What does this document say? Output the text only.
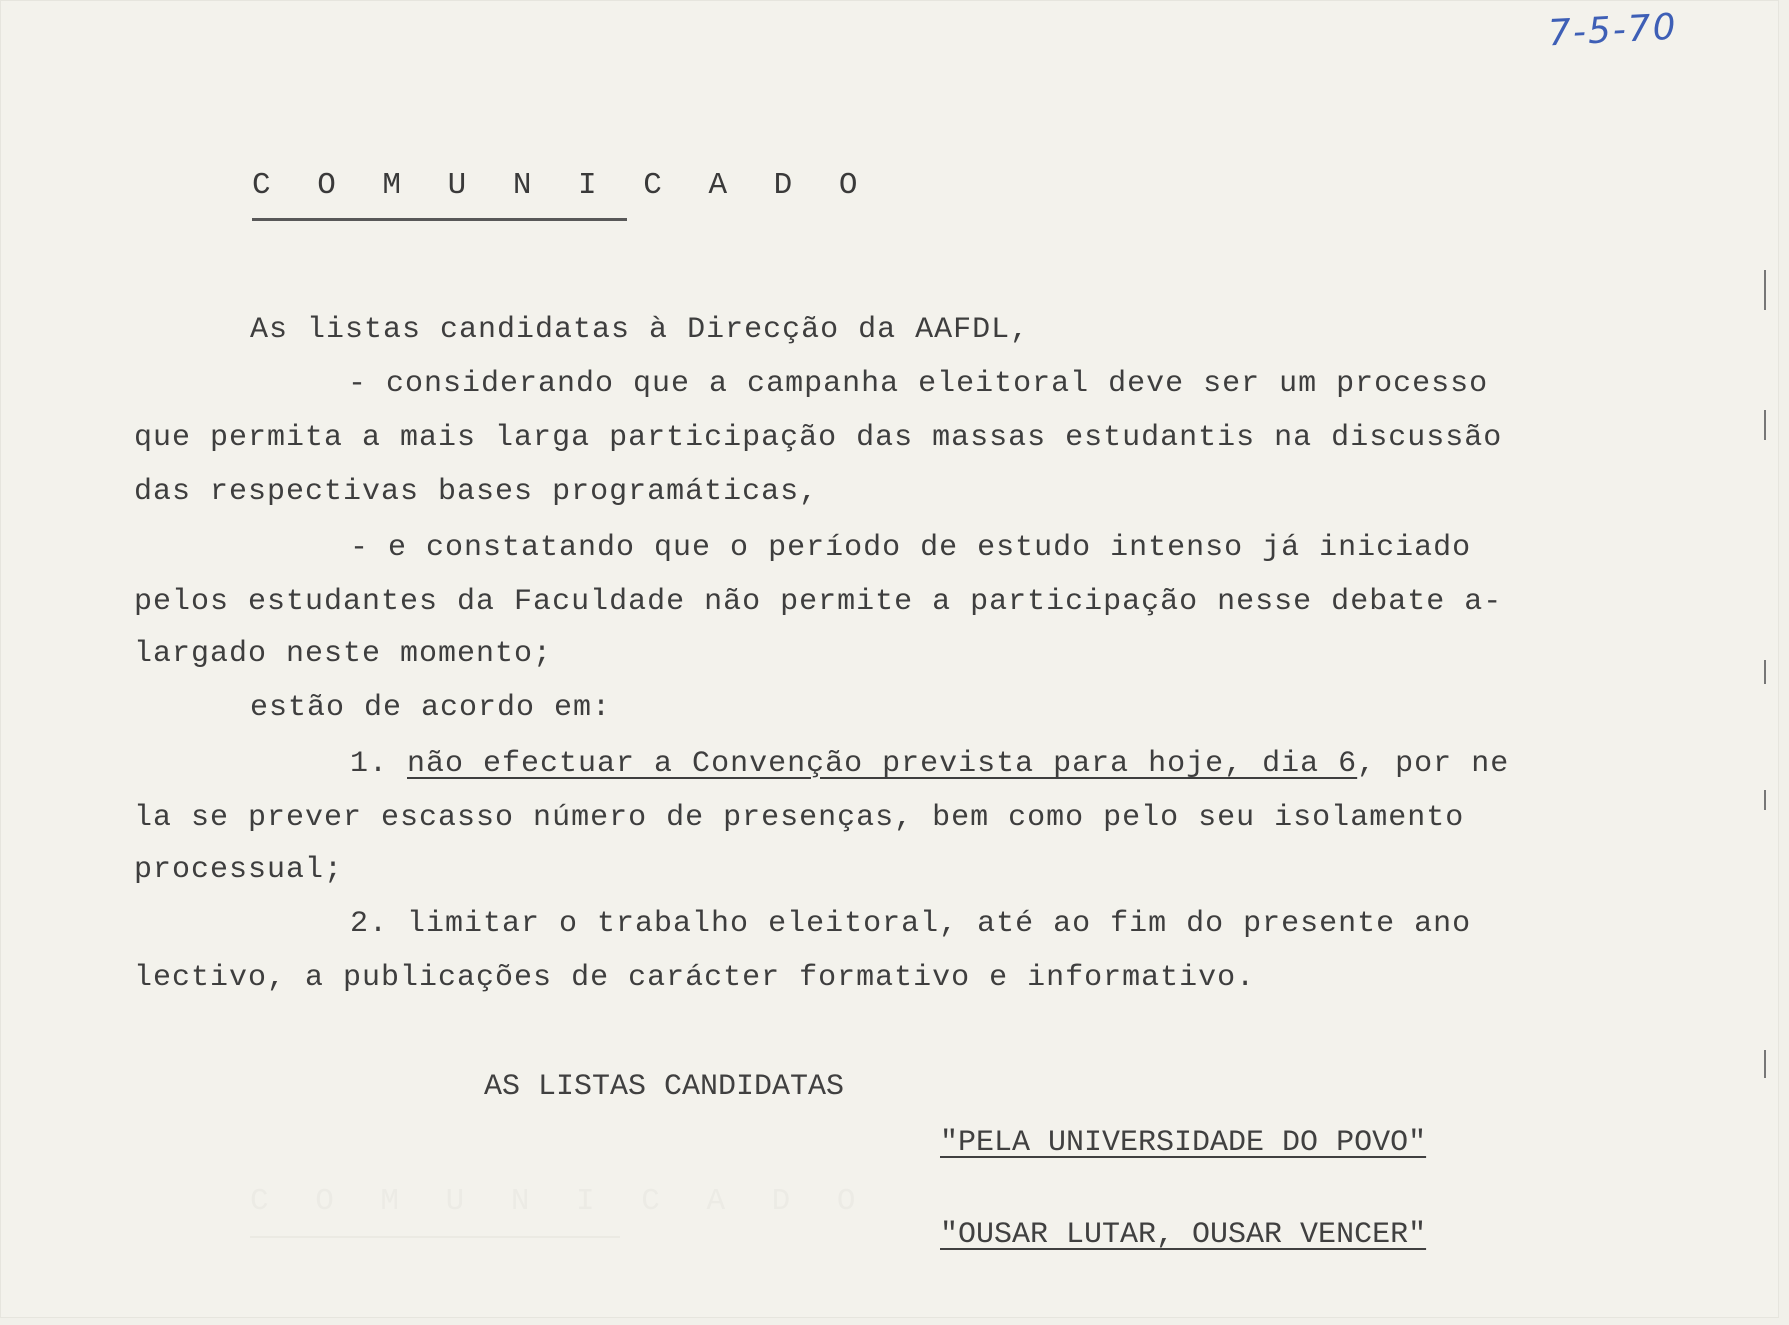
7-5-70
C O M U N I C A D O
As listas candidatas à Direcção da AAFDL,
- considerando que a campanha eleitoral deve ser um processo
que permita a mais larga participação das massas estudantis na discussão
das respectivas bases programáticas,
- e constatando que o período de estudo intenso já iniciado
pelos estudantes da Faculdade não permite a participação nesse debate a-
largado neste momento;
estão de acordo em:
1. não efectuar a Convenção prevista para hoje, dia 6, por ne
la se prever escasso número de presenças, bem como pelo seu isolamento
processual;
2. limitar o trabalho eleitoral, até ao fim do presente ano
lectivo, a publicações de carácter formativo e informativo.
AS LISTAS CANDIDATAS
"PELA UNIVERSIDADE DO POVO"
"OUSAR LUTAR, OUSAR VENCER"
C O M U N I C A D O
